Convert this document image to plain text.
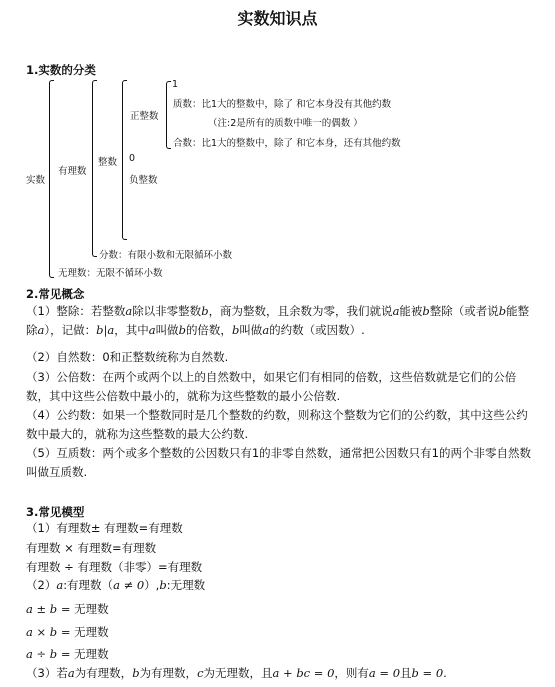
实数知识点
1.实数的分类
实数
有理数
整数
正整数
1
质数：比1大的整数中，除了 和它本身没有其他约数
（注:2是所有的质数中唯一的偶数 ）
合数：比1大的整数中，除了 和它本身，还有其他约数
0
负整数
分数：有限小数和无限循环小数
无理数：无限不循环小数
2.常见概念
（1）整除：若整数a除以非零整数b，商为整数，且余数为零，我们就说a能被b整除（或者说b能整除a），记做：b|a，其中a叫做b的倍数，b叫做a的约数（或因数）.
（2）自然数：0和正整数统称为自然数.
（3）公倍数：在两个或两个以上的自然数中，如果它们有相同的倍数，这些倍数就是它们的公倍数，其中这些公倍数中最小的，就称为这些整数的最小公倍数.
（4）公约数：如果一个整数同时是几个整数的约数，则称这个整数为它们的公约数，其中这些公约数中最大的，就称为这些整数的最大公约数.
（5）互质数：两个或多个整数的公因数只有1的非零自然数，通常把公因数只有1的两个非零自然数叫做互质数.
3.常见模型
（1）有理数± 有理数=有理数
有理数 × 有理数=有理数
有理数 ÷ 有理数（非零）=有理数
（2）a:有理数（a ≠ 0）,b:无理数
a ± b = 无理数
a × b = 无理数
a ÷ b = 无理数
（3）若a为有理数，b为有理数，c为无理数，且a + bc = 0，则有a = 0且b = 0.
